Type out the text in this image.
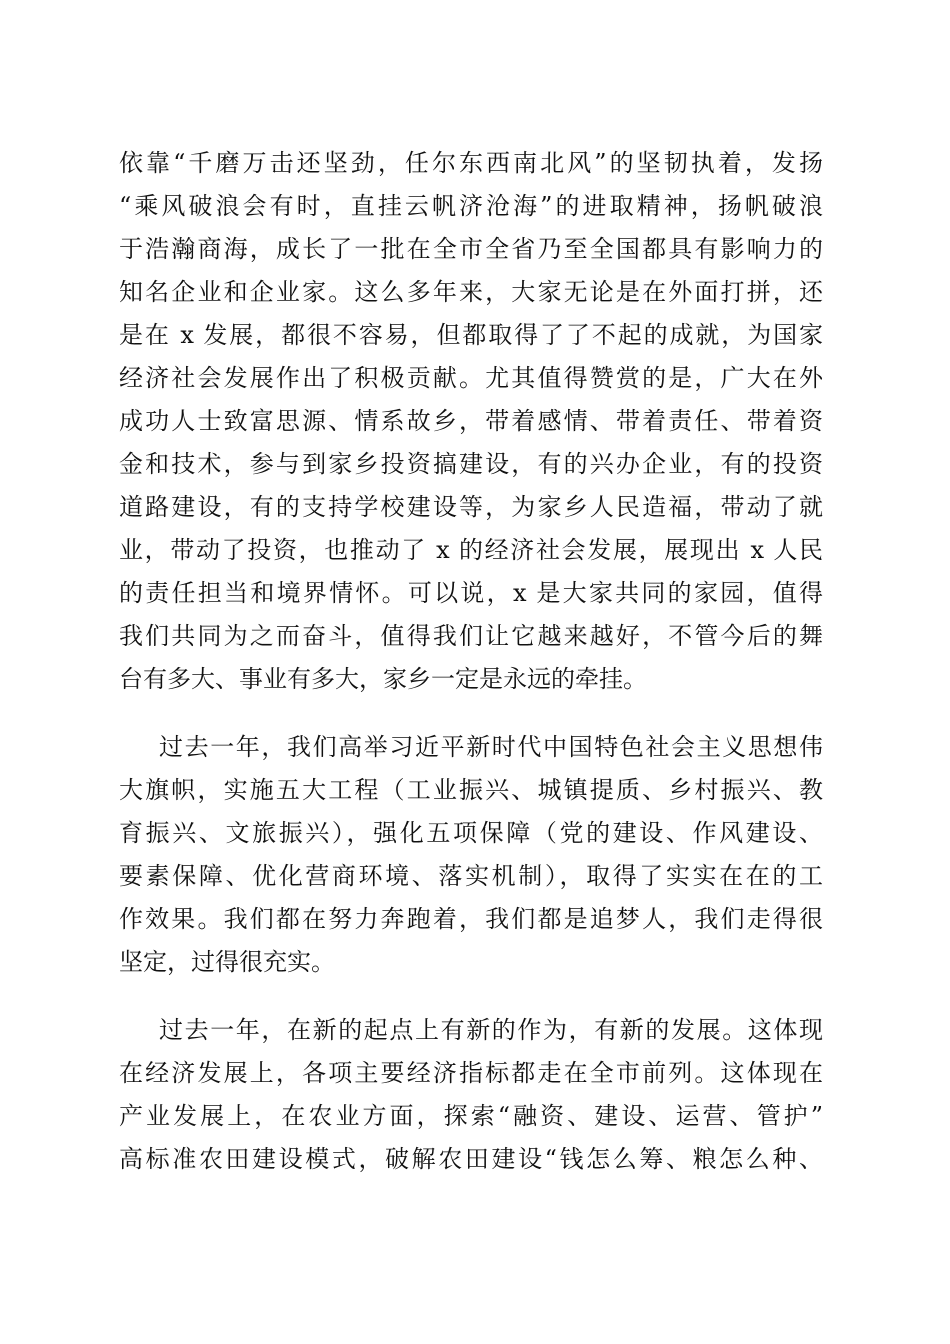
依靠“千磨万击还坚劲，任尔东西南北风”的坚韧执着，发扬
“乘风破浪会有时，直挂云帆济沧海”的进取精神，扬帆破浪
于浩瀚商海，成长了一批在全市全省乃至全国都具有影响力的
知名企业和企业家。这么多年来，大家无论是在外面打拼，还
是在 x 发展，都很不容易，但都取得了了不起的成就，为国家
经济社会发展作出了积极贡献。尤其值得赞赏的是，广大在外
成功人士致富思源、情系故乡，带着感情、带着责任、带着资
金和技术，参与到家乡投资搞建设，有的兴办企业，有的投资
道路建设，有的支持学校建设等，为家乡人民造福，带动了就
业，带动了投资，也推动了 x 的经济社会发展，展现出 x 人民
的责任担当和境界情怀。可以说，x 是大家共同的家园，值得
我们共同为之而奋斗，值得我们让它越来越好，不管今后的舞
台有多大、事业有多大，家乡一定是永远的牵挂。
过去一年，我们高举习近平新时代中国特色社会主义思想伟
大旗帜，实施五大工程（工业振兴、城镇提质、乡村振兴、教
育振兴、文旅振兴），强化五项保障（党的建设、作风建设、
要素保障、优化营商环境、落实机制），取得了实实在在的工
作效果。我们都在努力奔跑着，我们都是追梦人，我们走得很
坚定，过得很充实。
过去一年，在新的起点上有新的作为，有新的发展。这体现
在经济发展上，各项主要经济指标都走在全市前列。这体现在
产业发展上，在农业方面，探索“融资、建设、运营、管护”
高标准农田建设模式，破解农田建设“钱怎么筹、粮怎么种、
